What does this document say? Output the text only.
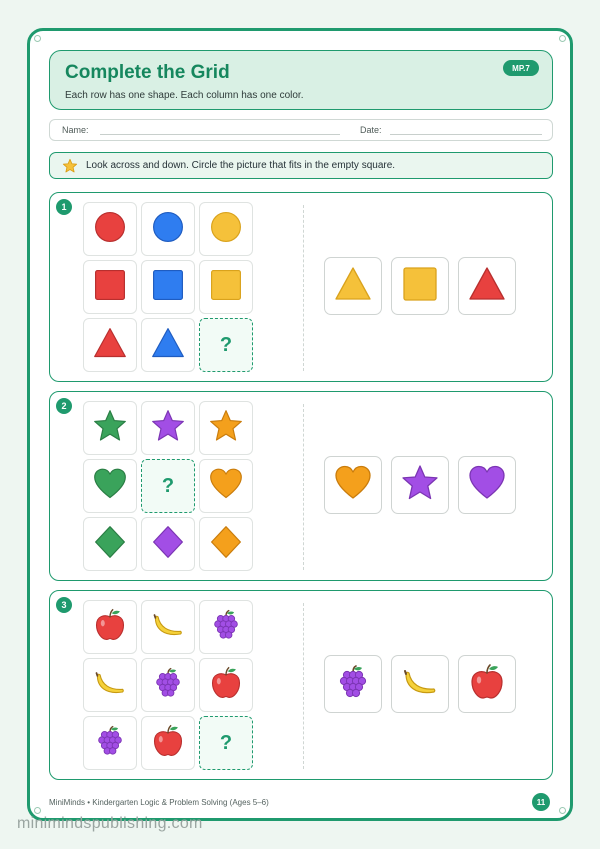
Complete the Grid
Each row has one shape. Each column has one color.
MP.7
Name:	Date:
Look across and down. Circle the picture that fits in the empty square.
1
?
2
?
3
?
MiniMinds • Kindergarten Logic & Problem Solving (Ages 5–6)	11
minimindspublishing.com
